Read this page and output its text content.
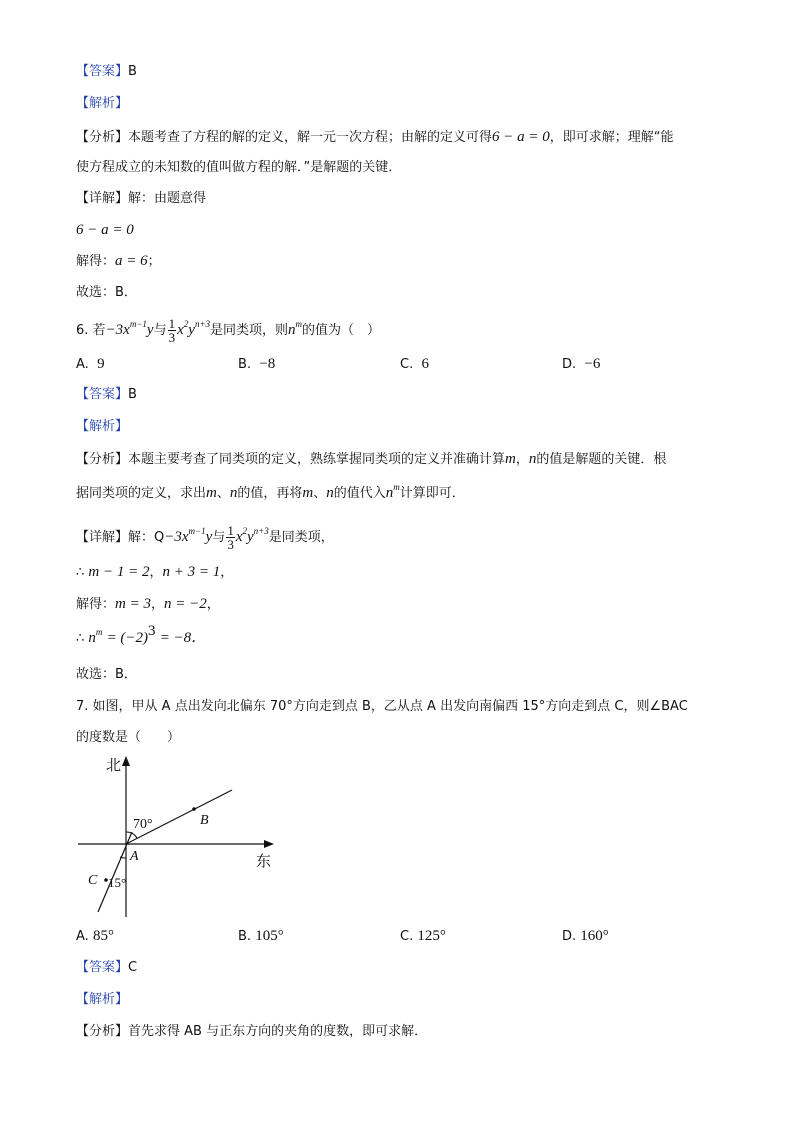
【答案】B
【解析】
【分析】本题考查了方程的解的定义，解一元一次方程；由解的定义可得6 − a = 0，即可求解；理解“能
使方程成立的未知数的值叫做方程的解．”是解题的关键．
【详解】解：由题意得
6 − a = 0
解得：a = 6；
故选：B．
6. 若$-3x^{m-1}y$与 $\frac{1}{3} x^2y^{n+3}$是同类项，则$n^m$的值为（　）
A. 9	B. −8	C. 6	D. −6
【答案】B
【解析】
【分析】本题主要考查了同类项的定义，熟练掌握同类项的定义并准确计算m，n的值是解题的关键．根
据同类项的定义，求出m、n的值，再将m、n的值代入$n^m$计算即可．
【详解】解：$Q-3x^{m-1}y$与 $\frac{1}{3} x^2y^{n+3}$是同类项，
∴ m − 1 = 2，n + 3 = 1，
解得：m = 3，n = −2，
∴ $n^m = (-2)^3 = -8$．
故选：B．
7. 如图，甲从 A 点出发向北偏东 70°方向走到点 B，乙从点 A 出发向南偏西 15°方向走到点 C，则∠BAC
的度数是（　　）
北
东
70°
15°
A
B
C
A. 85°	B. 105°	C. 125°	D. 160°
【答案】C
【解析】
【分析】首先求得 AB 与正东方向的夹角的度数，即可求解．
